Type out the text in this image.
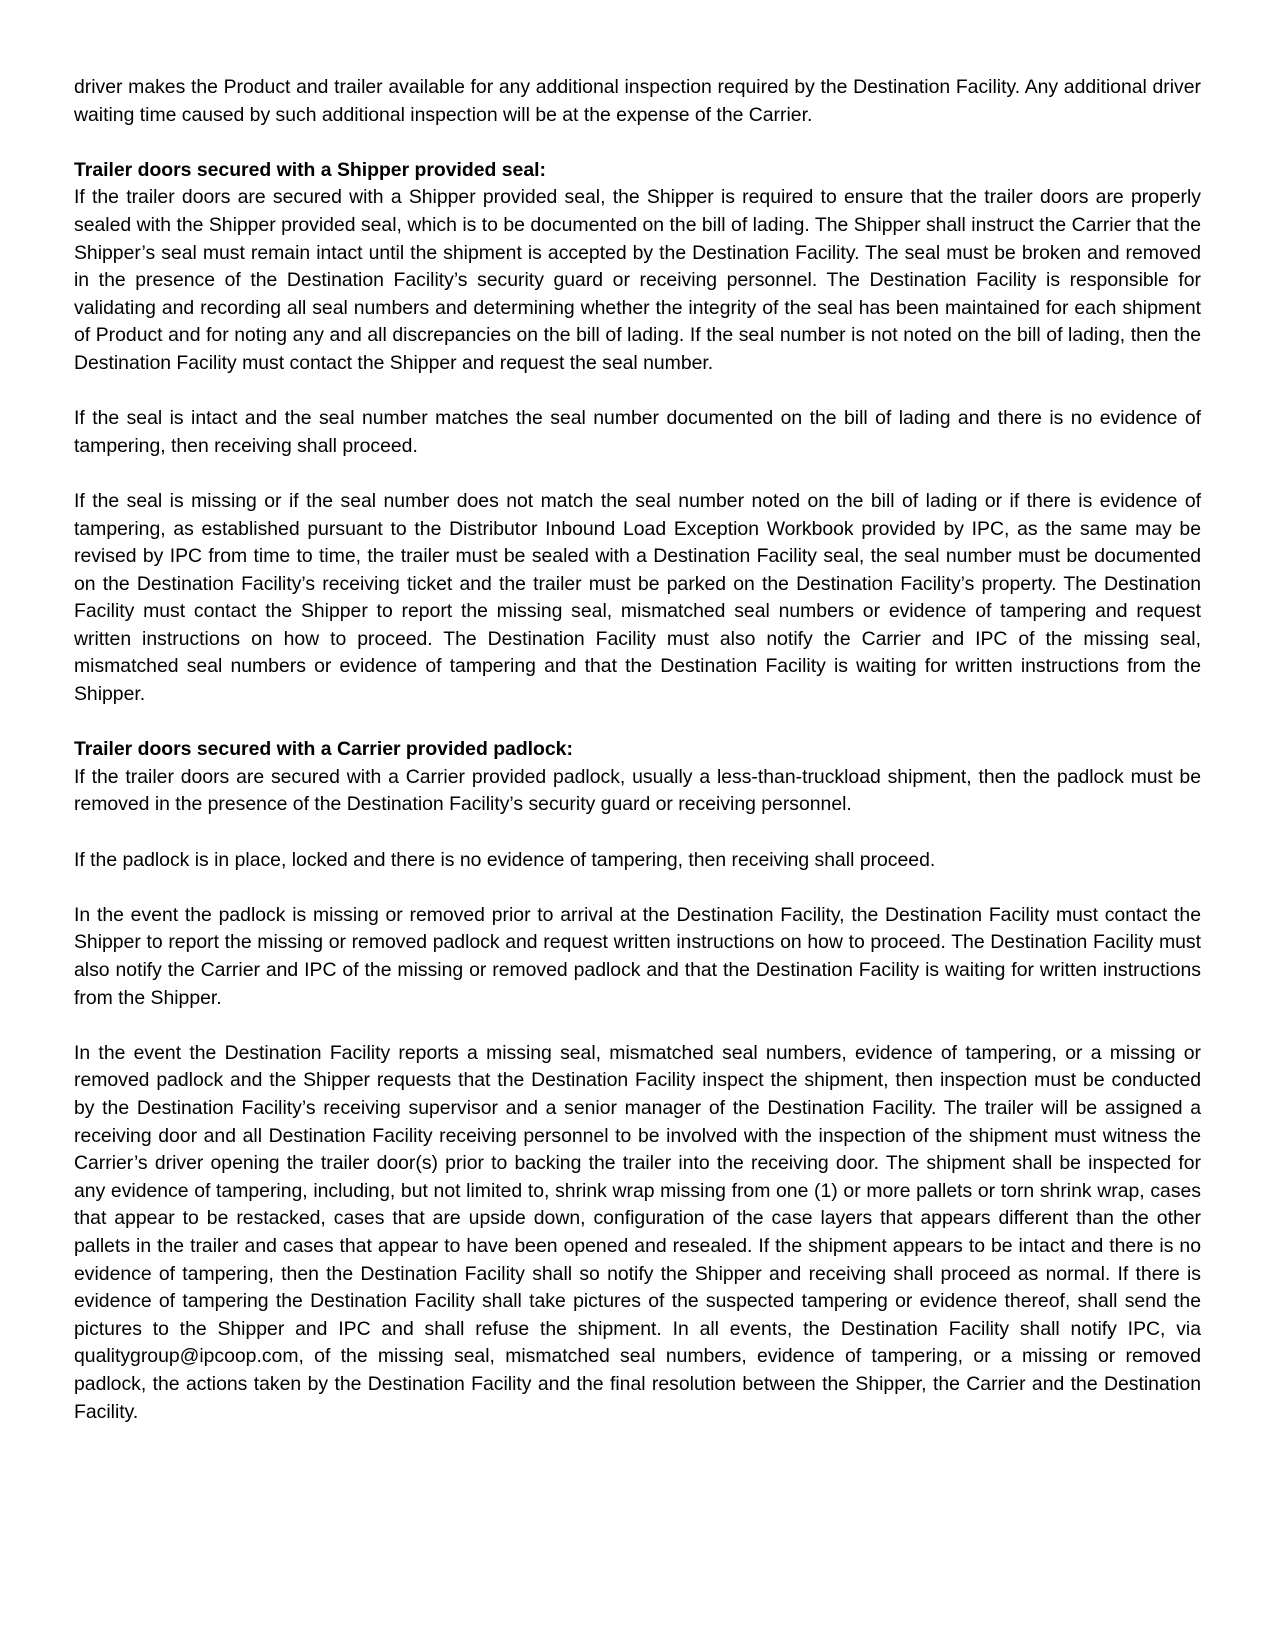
driver makes the Product and trailer available for any additional inspection required by the Destination Facility. Any additional driver waiting time caused by such additional inspection will be at the expense of the Carrier.

Trailer doors secured with a Shipper provided seal:

If the trailer doors are secured with a Shipper provided seal, the Shipper is required to ensure that the trailer doors are properly sealed with the Shipper provided seal, which is to be documented on the bill of lading. The Shipper shall instruct the Carrier that the Shipper’s seal must remain intact until the shipment is accepted by the Destination Facility. The seal must be broken and removed in the presence of the Destination Facility’s security guard or receiving personnel. The Destination Facility is responsible for validating and recording all seal numbers and determining whether the integrity of the seal has been maintained for each shipment of Product and for noting any and all discrepancies on the bill of lading. If the seal number is not noted on the bill of lading, then the Destination Facility must contact the Shipper and request the seal number.

If the seal is intact and the seal number matches the seal number documented on the bill of lading and there is no evidence of tampering, then receiving shall proceed.

If the seal is missing or if the seal number does not match the seal number noted on the bill of lading or if there is evidence of tampering, as established pursuant to the Distributor Inbound Load Exception Workbook provided by IPC, as the same may be revised by IPC from time to time, the trailer must be sealed with a Destination Facility seal, the seal number must be documented on the Destination Facility’s receiving ticket and the trailer must be parked on the Destination Facility’s property. The Destination Facility must contact the Shipper to report the missing seal, mismatched seal numbers or evidence of tampering and request written instructions on how to proceed. The Destination Facility must also notify the Carrier and IPC of the missing seal, mismatched seal numbers or evidence of tampering and that the Destination Facility is waiting for written instructions from the Shipper.

Trailer doors secured with a Carrier provided padlock:

If the trailer doors are secured with a Carrier provided padlock, usually a less-than-truckload shipment, then the padlock must be removed in the presence of the Destination Facility’s security guard or receiving personnel.

If the padlock is in place, locked and there is no evidence of tampering, then receiving shall proceed.

In the event the padlock is missing or removed prior to arrival at the Destination Facility, the Destination Facility must contact the Shipper to report the missing or removed padlock and request written instructions on how to proceed. The Destination Facility must also notify the Carrier and IPC of the missing or removed padlock and that the Destination Facility is waiting for written instructions from the Shipper.

In the event the Destination Facility reports a missing seal, mismatched seal numbers, evidence of tampering, or a missing or removed padlock and the Shipper requests that the Destination Facility inspect the shipment, then inspection must be conducted by the Destination Facility’s receiving supervisor and a senior manager of the Destination Facility. The trailer will be assigned a receiving door and all Destination Facility receiving personnel to be involved with the inspection of the shipment must witness the Carrier’s driver opening the trailer door(s) prior to backing the trailer into the receiving door. The shipment shall be inspected for any evidence of tampering, including, but not limited to, shrink wrap missing from one (1) or more pallets or torn shrink wrap, cases that appear to be restacked, cases that are upside down, configuration of the case layers that appears different than the other pallets in the trailer and cases that appear to have been opened and resealed. If the shipment appears to be intact and there is no evidence of tampering, then the Destination Facility shall so notify the Shipper and receiving shall proceed as normal. If there is evidence of tampering the Destination Facility shall take pictures of the suspected tampering or evidence thereof, shall send the pictures to the Shipper and IPC and shall refuse the shipment. In all events, the Destination Facility shall notify IPC, via qualitygroup@ipcoop.com, of the missing seal, mismatched seal numbers, evidence of tampering, or a missing or removed padlock, the actions taken by the Destination Facility and the final resolution between the Shipper, the Carrier and the Destination Facility.
